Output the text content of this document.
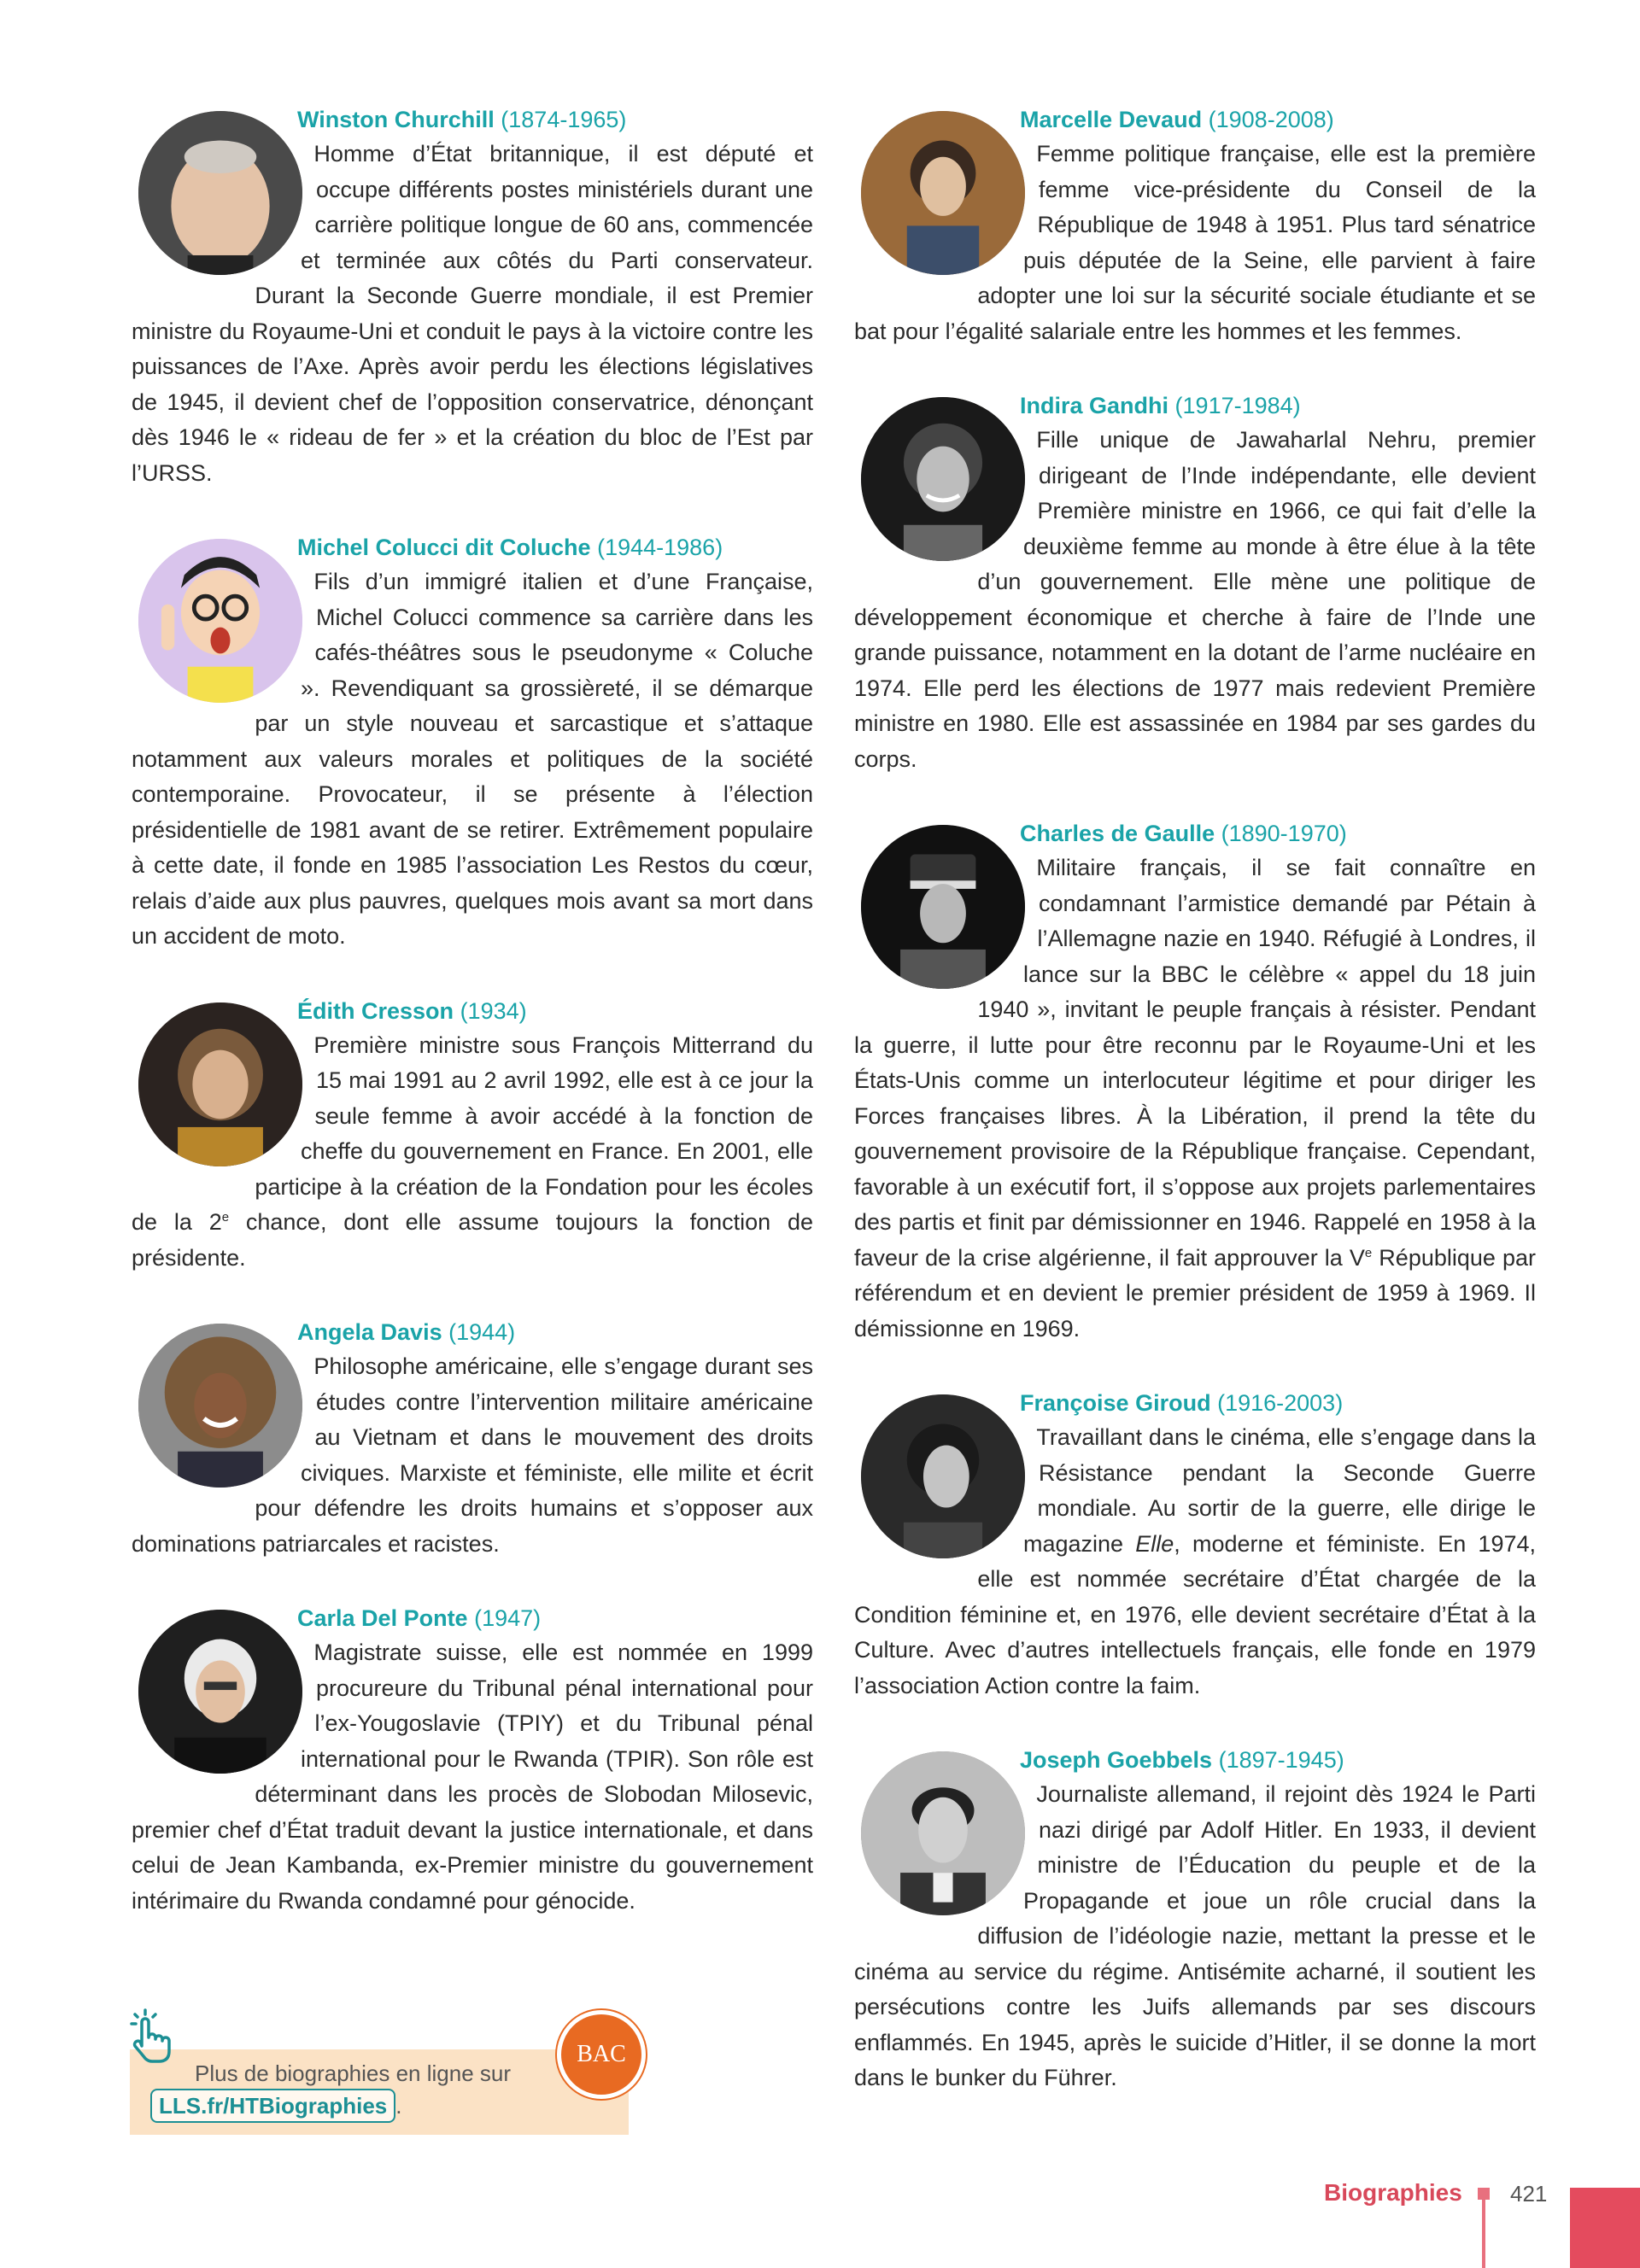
Winston Churchill (1874-1965)

Homme d’État britannique, il est député et occupe différents postes ministériels durant une carrière politique longue de 60 ans, commencée et terminée aux côtés du Parti conservateur. Durant la Seconde Guerre mondiale, il est Premier ministre du Royaume-Uni et conduit le pays à la victoire contre les puissances de l’Axe. Après avoir perdu les élections législatives de 1945, il devient chef de l’opposition conservatrice, dénonçant dès 1946 le « rideau de fer » et la création du bloc de l’Est par l’URSS.

Michel Colucci dit Coluche (1944-1986)

Fils d’un immigré italien et d’une Française, Michel Colucci commence sa carrière dans les cafés-théâtres sous le pseudonyme « Coluche ». Revendiquant sa grossièreté, il se démarque par un style nouveau et sarcastique et s’attaque notamment aux valeurs morales et politiques de la société contemporaine. Provocateur, il se présente à l’élection présidentielle de 1981 avant de se retirer. Extrêmement populaire à cette date, il fonde en 1985 l’association Les Restos du cœur, relais d’aide aux plus pauvres, quelques mois avant sa mort dans un accident de moto.

Édith Cresson (1934)

Première ministre sous François Mitterrand du 15 mai 1991 au 2 avril 1992, elle est à ce jour la seule femme à avoir accédé à la fonction de cheffe du gouvernement en France. En 2001, elle participe à la création de la Fondation pour les écoles de la 2e chance, dont elle assume toujours la fonction de présidente.

Angela Davis (1944)

Philosophe américaine, elle s’engage durant ses études contre l’intervention militaire américaine au Vietnam et dans le mouvement des droits civiques. Marxiste et féministe, elle milite et écrit pour défendre les droits humains et s’opposer aux dominations patriarcales et racistes.

Carla Del Ponte (1947)

Magistrate suisse, elle est nommée en 1999 procureure du Tribunal pénal international pour l’ex-Yougoslavie (TPIY) et du Tribunal pénal international pour le Rwanda (TPIR). Son rôle est déterminant dans les procès de Slobodan Milosevic, premier chef d’État traduit devant la justice internationale, et dans celui de Jean Kambanda, ex-Premier ministre du gouvernement intérimaire du Rwanda condamné pour génocide.

Marcelle Devaud (1908-2008)

Femme politique française, elle est la première femme vice-présidente du Conseil de la République de 1948 à 1951. Plus tard sénatrice puis députée de la Seine, elle parvient à faire adopter une loi sur la sécurité sociale étudiante et se bat pour l’égalité salariale entre les hommes et les femmes.

Indira Gandhi (1917-1984)

Fille unique de Jawaharlal Nehru, premier dirigeant de l’Inde indépendante, elle devient Première ministre en 1966, ce qui fait d’elle la deuxième femme au monde à être élue à la tête d’un gouvernement. Elle mène une politique de développement économique et cherche à faire de l’Inde une grande puissance, notamment en la dotant de l’arme nucléaire en 1974. Elle perd les élections de 1977 mais redevient Première ministre en 1980. Elle est assassinée en 1984 par ses gardes du corps.

Charles de Gaulle (1890-1970)

Militaire français, il se fait connaître en condamnant l’armistice demandé par Pétain à l’Allemagne nazie en 1940. Réfugié à Londres, il lance sur la BBC le célèbre « appel du 18 juin 1940 », invitant le peuple français à résister. Pendant la guerre, il lutte pour être reconnu par le Royaume-Uni et les États-Unis comme un interlocuteur légitime et pour diriger les Forces françaises libres. À la Libération, il prend la tête du gouvernement provisoire de la République française. Cependant, favorable à un exécutif fort, il s’oppose aux projets parlementaires des partis et finit par démissionner en 1946. Rappelé en 1958 à la faveur de la crise algérienne, il fait approuver la Ve République par référendum et en devient le premier président de 1959 à 1969. Il démissionne en 1969.

Françoise Giroud (1916-2003)

Travaillant dans le cinéma, elle s’engage dans la Résistance pendant la Seconde Guerre mondiale. Au sortir de la guerre, elle dirige le magazine Elle, moderne et féministe. En 1974, elle est nommée secrétaire d’État chargée de la Condition féminine et, en 1976, elle devient secrétaire d’État à la Culture. Avec d’autres intellectuels français, elle fonde en 1979 l’association Action contre la faim.

Joseph Goebbels (1897-1945)

Journaliste allemand, il rejoint dès 1924 le Parti nazi dirigé par Adolf Hitler. En 1933, il devient ministre de l’Éducation du peuple et de la Propagande et joue un rôle crucial dans la diffusion de l’idéologie nazie, mettant la presse et le cinéma au service du régime. Antisémite acharné, il soutient les persécutions contre les Juifs allemands par ses discours enflammés. En 1945, après le suicide d’Hitler, il se donne la mort dans le bunker du Führer.

Plus de biographies en ligne sur
LLS.fr/HTBiographies .
BAC
Biographies 421
